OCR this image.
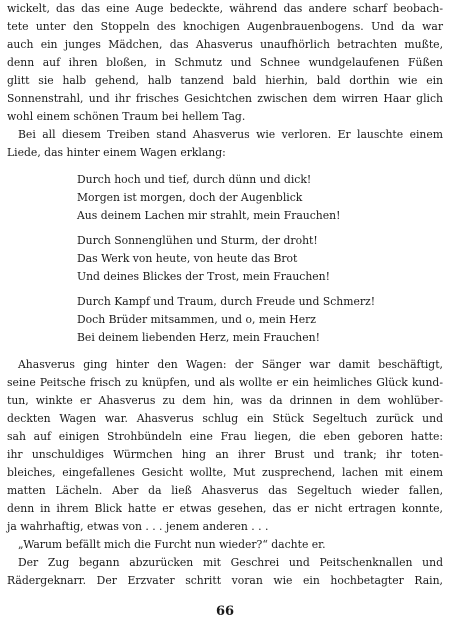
wickelt, das das eine Auge bedeckte, während das andere scharf beobach-
tete unter den Stoppeln des knochigen Augenbrauenbogens. Und da war
auch ein junges Mädchen, das Ahasverus unaufhörlich betrachten mußte,
denn auf ihren bloßen, in Schmutz und Schnee wundgelaufenen Füßen
glitt sie halb gehend, halb tanzend bald hierhin, bald dorthin wie ein
Sonnenstrahl, und ihr frisches Gesichtchen zwischen dem wirren Haar glich
wohl einem schönen Traum bei hellem Tag.
Bei all diesem Treiben stand Ahasverus wie verloren. Er lauschte einem
Liede, das hinter einem Wagen erklang:
Durch hoch und tief, durch dünn und dick!
Morgen ist morgen, doch der Augenblick
Aus deinem Lachen mir strahlt, mein Frauchen!
Durch Sonnenglühen und Sturm, der droht!
Das Werk von heute, von heute das Brot
Und deines Blickes der Trost, mein Frauchen!
Durch Kampf und Traum, durch Freude und Schmerz!
Doch Brüder mitsammen, und o, mein Herz
Bei deinem liebenden Herz, mein Frauchen!
Ahasverus ging hinter den Wagen: der Sänger war damit beschäftigt,
seine Peitsche frisch zu knüpfen, und als wollte er ein heimliches Glück kund-
tun, winkte er Ahasverus zu dem hin, was da drinnen in dem wohlüber-
deckten Wagen war. Ahasverus schlug ein Stück Segeltuch zurück und
sah auf einigen Strohbündeln eine Frau liegen, die eben geboren hatte:
ihr unschuldiges Würmchen hing an ihrer Brust und trank; ihr toten-
bleiches, eingefallenes Gesicht wollte, Mut zusprechend, lachen mit einem
matten Lächeln. Aber da ließ Ahasverus das Segeltuch wieder fallen,
denn in ihrem Blick hatte er etwas gesehen, das er nicht ertragen konnte,
ja wahrhaftig, etwas von . . . jenem anderen . . .
„Warum befällt mich die Furcht nun wieder?“ dachte er.
Der Zug begann abzurücken mit Geschrei und Peitschenknallen und
Rädergeknarr. Der Erzvater schritt voran wie ein hochbetagter Rain,
66
